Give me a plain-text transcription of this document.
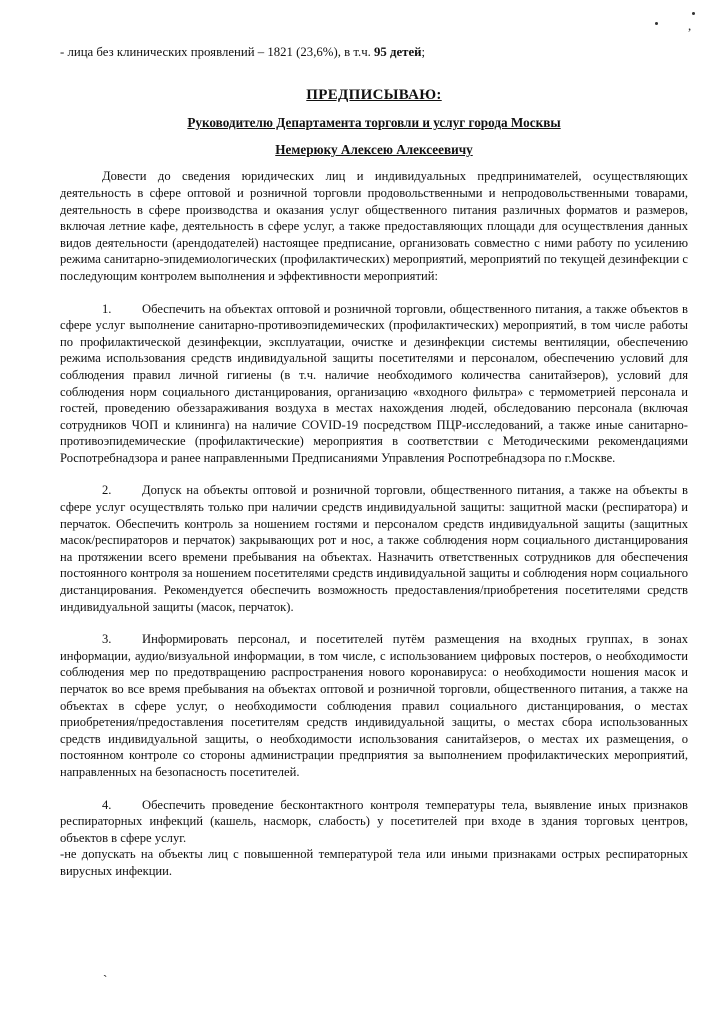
,
`

- лица без клинических проявлений – 1821 (23,6%), в т.ч. 95 детей;

ПРЕДПИСЫВАЮ:
Руководителю Департамента торговли и услуг города Москвы
Немерюку Алексею Алексеевичу

Довести до сведения юридических лиц и индивидуальных предпринимателей, осуществляющих деятельность в сфере оптовой и розничной торговли продовольственными и непродовольственными товарами, деятельность в сфере производства и оказания услуг общественного питания различных форматов и размеров, включая летние кафе, деятельность в сфере услуг, а также предоставляющих площади для осуществления данных видов деятельности (арендодателей) настоящее предписание, организовать совместно с ними работу по усилению режима санитарно-эпидемиологических (профилактических) мероприятий, мероприятий по текущей дезинфекции с последующим контролем выполнения и эффективности мероприятий:

1. Обеспечить на объектах оптовой и розничной торговли, общественного питания, а также объектов в сфере услуг выполнение санитарно-противоэпидемических (профилактических) мероприятий, в том числе работы по профилактической дезинфекции, эксплуатации, очистке и дезинфекции системы вентиляции, обеспечению режима использования средств индивидуальной защиты посетителями и персоналом, обеспечению условий для соблюдения правил личной гигиены (в т.ч. наличие необходимого количества санитайзеров), условий для соблюдения норм социального дистанцирования, организацию «входного фильтра» с термометрией персонала и гостей, проведению обеззараживания воздуха в местах нахождения людей, обследованию персонала (включая сотрудников ЧОП и клининга) на наличие COVID-19 посредством ПЦР-исследований, а также иные санитарно-противоэпидемические (профилактические) мероприятия в соответствии с Методическими рекомендациями Роспотребнадзора и ранее направленными Предписаниями Управления Роспотребнадзора по г.Москве.

2. Допуск на объекты оптовой и розничной торговли, общественного питания, а также на объекты в сфере услуг осуществлять только при наличии средств индивидуальной защиты: защитной маски (респиратора) и перчаток. Обеспечить контроль за ношением гостями и персоналом средств индивидуальной защиты (защитных масок/респираторов и перчаток) закрывающих рот и нос, а также соблюдения норм социального дистанцирования на протяжении всего времени пребывания на объектах. Назначить ответственных сотрудников для обеспечения постоянного контроля за ношением посетителями средств индивидуальной защиты и соблюдения норм социального дистанцирования. Рекомендуется обеспечить возможность предоставления/приобретения посетителями средств индивидуальной защиты (масок, перчаток).

3. Информировать персонал, и посетителей путём размещения на входных группах, в зонах информации, аудио/визуальной информации, в том числе, с использованием цифровых постеров, о необходимости соблюдения мер по предотвращению распространения нового коронавируса: о необходимости ношения масок и перчаток во все время пребывания на объектах оптовой и розничной торговли, общественного питания, а также на объектах в сфере услуг, о необходимости соблюдения правил социального дистанцирования, о местах приобретения/предоставления посетителям средств индивидуальной защиты, о местах сбора использованных средств индивидуальной защиты, о необходимости использования санитайзеров, о местах их размещения, о постоянном контроле со стороны администрации предприятия за выполнением профилактических мероприятий, направленных на безопасность посетителей.

4. Обеспечить проведение бесконтактного контроля температуры тела, выявление иных признаков респираторных инфекций (кашель, насморк, слабость) у посетителей при входе в здания торговых центров, объектов в сфере услуг.

-не допускать на объекты лиц с повышенной температурой тела или иными признаками острых респираторных вирусных инфекции.
